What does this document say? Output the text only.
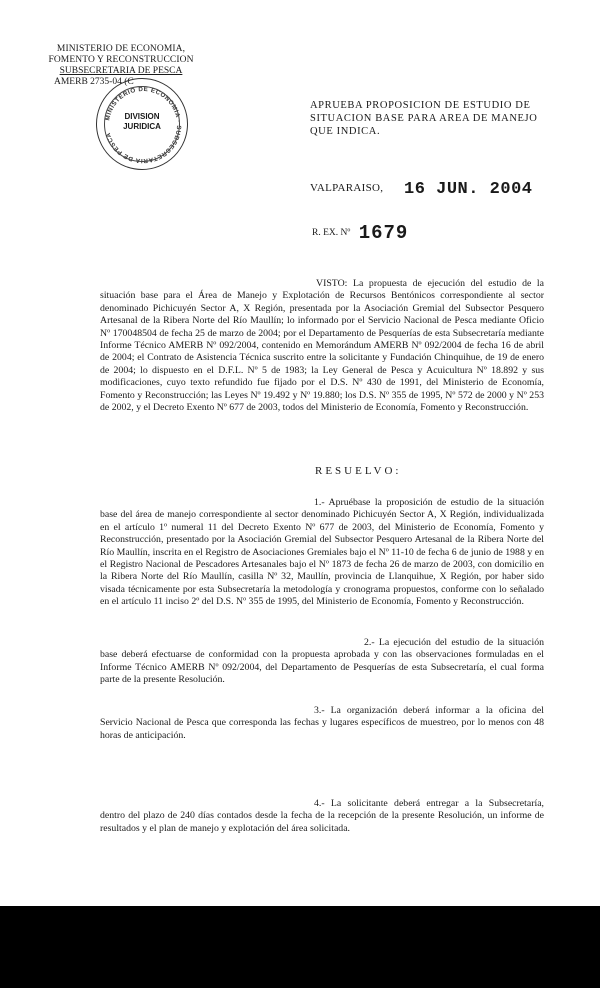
MINISTERIO DE ECONOMIA,
FOMENTO Y RECONSTRUCCION
SUBSECRETARIA DE PESCA
AMERB 2735-04 (C
MINISTERIO DE ECONOMIA · SUBSECRETARIA DE PESCA
DIVISION
JURIDICA
APRUEBA PROPOSICION DE ESTUDIO DE SITUACION BASE PARA AREA DE MANEJO QUE INDICA.
VALPARAISO, 16 JUN. 2004
R. EX. Nº 1679
VISTO: La propuesta de ejecución del estudio de la situación base para el Área de Manejo y Explotación de Recursos Bentónicos correspondiente al sector denominado Pichicuyén Sector A, X Región, presentada por la Asociación Gremial del Subsector Pesquero Artesanal de la Ribera Norte del Río Maullín; lo informado por el Servicio Nacional de Pesca mediante Oficio Nº 170048504 de fecha 25 de marzo de 2004; por el Departamento de Pesquerías de esta Subsecretaría mediante Informe Técnico AMERB Nº 092/2004, contenido en Memorándum AMERB Nº 092/2004 de fecha 16 de abril de 2004; el Contrato de Asistencia Técnica suscrito entre la solicitante y Fundación Chinquihue, de 19 de enero de 2004; lo dispuesto en el D.F.L. Nº 5 de 1983; la Ley General de Pesca y Acuicultura Nº 18.892 y sus modificaciones, cuyo texto refundido fue fijado por el D.S. Nº 430 de 1991, del Ministerio de Economía, Fomento y Reconstrucción; las Leyes Nº 19.492 y Nº 19.880; los D.S. Nº 355 de 1995, Nº 572 de 2000 y Nº 253 de 2002, y el Decreto Exento Nº 677 de 2003, todos del Ministerio de Economía, Fomento y Reconstrucción.
RESUELVO:
1.- Apruébase la proposición de estudio de la situación base del área de manejo correspondiente al sector denominado Pichicuyén Sector A, X Región, individualizada en el artículo 1º numeral 11 del Decreto Exento Nº 677 de 2003, del Ministerio de Economía, Fomento y Reconstrucción, presentado por la Asociación Gremial del Subsector Pesquero Artesanal de la Ribera Norte del Río Maullín, inscrita en el Registro de Asociaciones Gremiales bajo el Nº 11-10 de fecha 6 de junio de 1988 y en el Registro Nacional de Pescadores Artesanales bajo el Nº 1873 de fecha 26 de marzo de 2003, con domicilio en la Ribera Norte del Río Maullín, casilla Nº 32, Maullín, provincia de Llanquihue, X Región, por haber sido visada técnicamente por esta Subsecretaría la metodología y cronograma propuestos, conforme con lo señalado en el artículo 11 inciso 2º del D.S. Nº 355 de 1995, del Ministerio de Economía, Fomento y Reconstrucción.
2.- La ejecución del estudio de la situación base deberá efectuarse de conformidad con la propuesta aprobada y con las observaciones formuladas en el Informe Técnico AMERB Nº 092/2004, del Departamento de Pesquerías de esta Subsecretaría, el cual forma parte de la presente Resolución.
3.- La organización deberá informar a la oficina del Servicio Nacional de Pesca que corresponda las fechas y lugares específicos de muestreo, por lo menos con 48 horas de anticipación.
4.- La solicitante deberá entregar a la Subsecretaría, dentro del plazo de 240 días contados desde la fecha de la recepción de la presente Resolución, un informe de resultados y el plan de manejo y explotación del área solicitada.
